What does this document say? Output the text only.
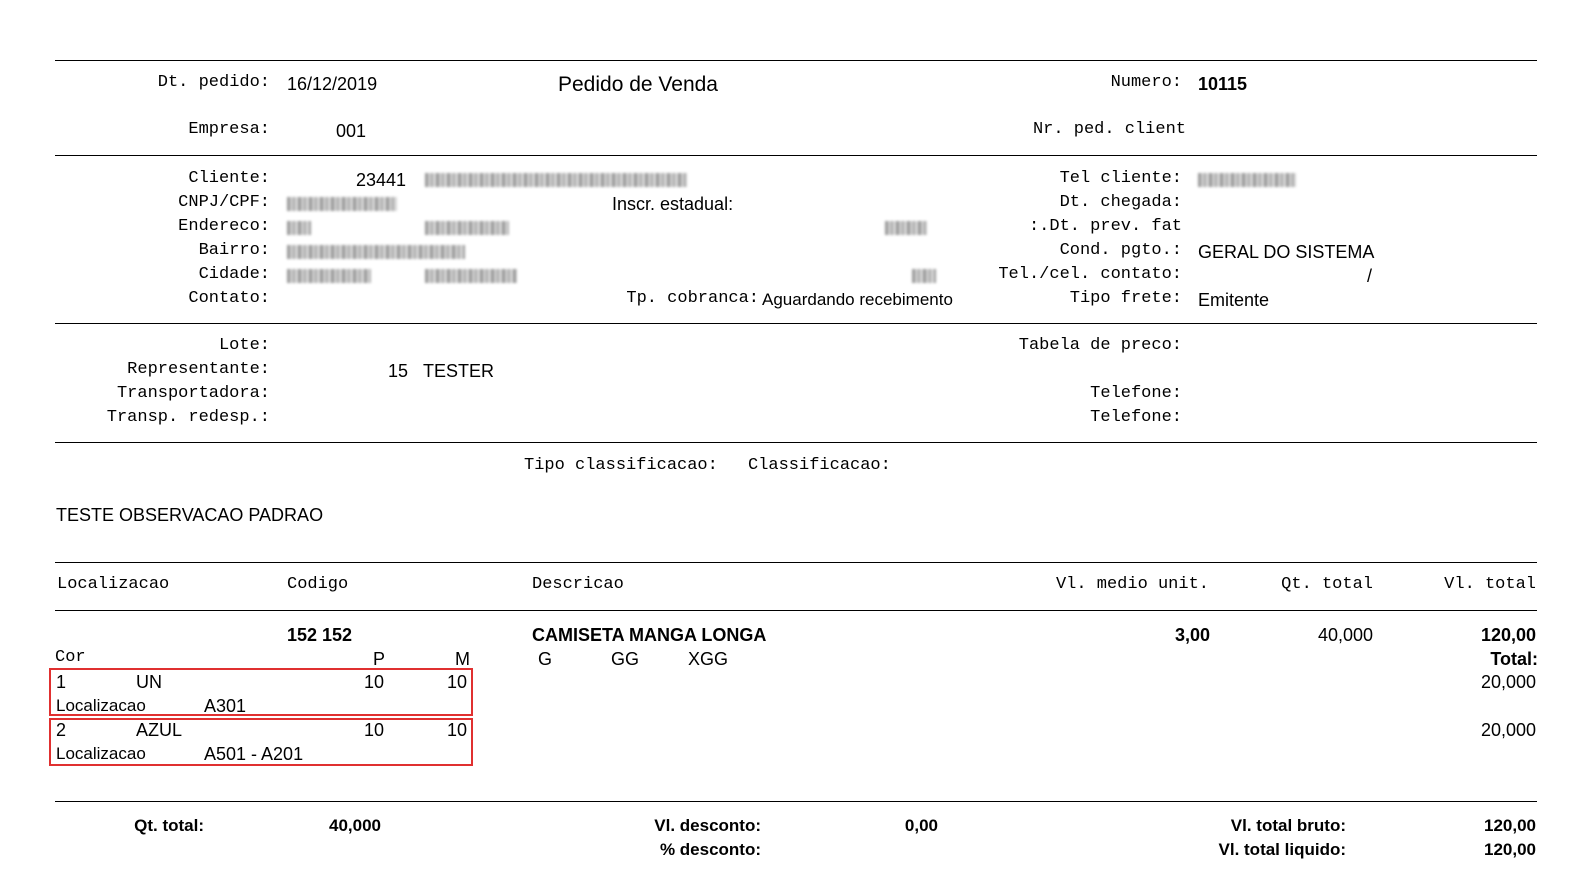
Dt. pedido: 16/12/2019	Pedido de Venda	Numero: 10115
Empresa:	001	Nr. ped. client
Cliente:	23441
CNPJ/CPF:	Inscr. estadual:
Endereco:
Bairro:
Cidade:
Contato:	Tp. cobranca: Aguardando recebimento
Tel cliente:
Dt. chegada:
Dt. prev. fat.:
Cond. pgto.: GERAL DO SISTEMA
Tel./cel. contato:	/
Tipo frete: Emitente
Lote:
Representante:	15 TESTER
Transportadora:
Transp. redesp.:
Tabela de preco:
Telefone:
Telefone:
Tipo classificacao: Classificacao:
TESTE OBSERVACAO PADRAO
Localizacao	Codigo	Descricao	Vl. medio unit.	Qt. total	Vl. total
152 152	CAMISETA MANGA LONGA	3,00	40,000	120,00
Cor	P	M	G	GG	XGG	Total:
1	UN	10	10	20,000
Localizacao	A301
2	AZUL	10	10	20,000
Localizacao	A501 - A201
Qt. total:	40,000	Vl. desconto:	0,00
% desconto:
Vl. total bruto:	120,00
Vl. total liquido:	120,00
